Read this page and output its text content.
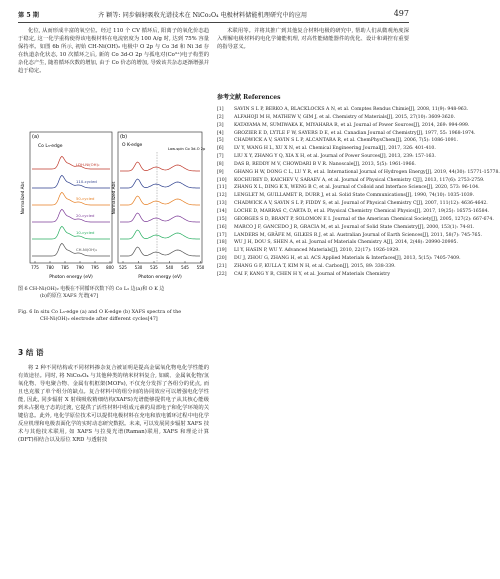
第 5 期	齐 颖等: 同步辐射吸收光谱技术在 NiCo₂O₄ 电极材料储能机理研究中的应用	497

化位, 从而形成丰富的氧空位。经过 110 个 CV 循环后, 阳离子的氧化价态趋于稳定, 这一化学重构使得该电极材料在电流密度为 100 A/g 时, 达到 75% 容量保持率。如图 6b 所示, 初始 CH-Ni(OH)₂ 电极中 O 2p 与 Co 3d 和 Ni 3d 存在轨道杂化状态, 10 次循环之后, 新的 Co 3d-O 2p 与孤电对(Co³⁺)电子构型的杂化态产生, 随着循环次数的增加, 由于 Co 价态的增加, 导致该共杂态逐渐增强并趋于稳定。

(a)
Co L₃-edge
Normalized Abs
LDH-Ni(OH)₂
110-cycled
50-cycled
20-cycled
10-cycled
CH-Ni(OH)₂
775 780 785 790 795 800
Photon energy (eV)
(b)
O K-edge
Low-spin Co 3d-O 2p
Normalized Abs
525 530 535 540 545 550
Photon energy (eV)

图 6 CH-Ni(OH)₂ 电极在不同循环次数下的 Co L₃ 边(a)和 O K 边

(b)的原位 XAFS 光谱[47]

Fig. 6 In situ Co L₃-edge (a) and O K-edge (b) XAFS spectra of the

CH-Ni(OH)₂ electrode after different cycles[47]

3 结 语

将 2 种不同结构或不同材料掺杂复合被证明是提高金属氧化物电化学性能的有效途径。同时, 将 NiCo₂O₄ 与其他种类的纳米材料复合, 如碳、金属氧化物/氢氧化物、导电聚合物、金属有机框架(MOFs), 不仅充分发挥了各组分的优点, 而且也克服了单个组分的缺点。复合材料中的组分间的协同效应可以增强电化学性能, 因此, 同步辐射 X 射线吸收精细结构(XAFS)光谱能够提供电子从其核心能级到未占据电子态的过渡, 它提供了活性材料中组成元素的局部电子和化学环境的关键信息。此外, 电化学原位技术可以提供电极材料在充电和放电循环过程中电化学反应机理和电极表面化学的实时动态研究数据。未来, 可以发展同步辐射 XAFS 技术与其他技术联用, 如 XAFS 与拉曼光谱(Raman)联用, XAFS 和理论计算(DFT)相结合以及原位 XRD 与透射技

术联用等。并将其推广到其他复合材料电极的研究中, 帮助人们从微观角度深入理解电极材料的电化学储能机理, 对高性能储能器件的优化、设计和调控有重要的指导意义。

参考文献 References
[1] SAVIN S L P, BERKO A, BLACKLOCKS A N, et al. Comptes Rendus Chimie[J], 2008, 11(9): 948-963.
[2] ALFAHOJI M H, MATHEW V, GIM J, et al. Chemistry of Materials[J], 2015, 27(10): 3609-3620.
[3] KATAYAMA M, SUMIWAKA K, MIYAHARA R, et al. Journal of Power Sources[J], 2014, 269: 994-999.
[4] GROZIER E D, LYTLE F W, SAYERS D E, et al. Canadian Journal of Chemistry[J], 1977, 55: 1968-1974.
[5] CHADWICK A V, SAVIN S L P, ALCANTARA R, et al. ChemPhysChem[J], 2006, 7(5): 1086-1091.
[6] LV Y, WANG H L, XU X N, et al. Chemical Engineering Journal[J], 2017, 326: 401-410.
[7] LIU X Y, ZHANG Y Q, XIA X H, et al. Journal of Power Sources[J], 2013, 239: 157-163.
[8] DAS B, REDDY M V, CHOWDARI B V R. Nanoscale[J], 2013, 5(5): 1961-1966.
[9] GHANG H W, DONG C L, LU Y R, et al. International Journal of Hydrogen Energy[J], 2019, 44(30): 15771-15778.
[10] KOCHUBEY D, KAICHEV V, SARAEV A, et al. Journal of Physical Chemistry C[J], 2013, 117(6): 2753-2759.
[11] ZHANG X L, DING K X, WENG B C, et al. Journal of Colloid and Interface Science[J], 2020, 573: 96-104.
[12] LENGLET M, GUILLAMET R, DURR J, et al. Solid State Communications[J], 1990, 74(10): 1035-1039.
[13] CHADWICK A V, SAVIN S L P, FIDDY S, et al. Journal of Physical Chemistry C[J], 2007, 111(12): 4636-4642.
[14] LOCHE D, MARRAS C, CARTA D, et al. Physical Chemistry Chemical Physics[J], 2017, 19(25): 16575-16584.
[15] GEORGES S D, BRANT P, SOLOMON E I. Journal of the American Chemical Society[J], 2005, 127(2): 667-674.
[16] MARCO J F, GANCEDO J R, GRACIA M, et al. Journal of Solid State Chemistry[J], 2000, 153(1): 74-81.
[17] LANDERS M, GRÄFE M, GILKES R J, et al. Australian Journal of Earth Sciences[J], 2011, 58(7): 745-765.
[18] WU J H, DOU S, SHEN A, et al. Journal of Materials Chemistry A[J], 2014, 2(48): 20990-20995.
[19] LI Y, HASIN P, WU Y. Advanced Materials[J], 2010, 22(17): 1926-1929.
[20] DU J, ZHOU G, ZHANG H, et al. ACS Applied Materials & Interfaces[J], 2013, 5(15): 7405-7409.
[21] ZHANG G F, KULLA T, KIM N H, et al. Carbon[J], 2015, 89: 338-339.
[22] CAI F, KANG Y R, CHEN H Y, et al. Journal of Materials Chemistry
